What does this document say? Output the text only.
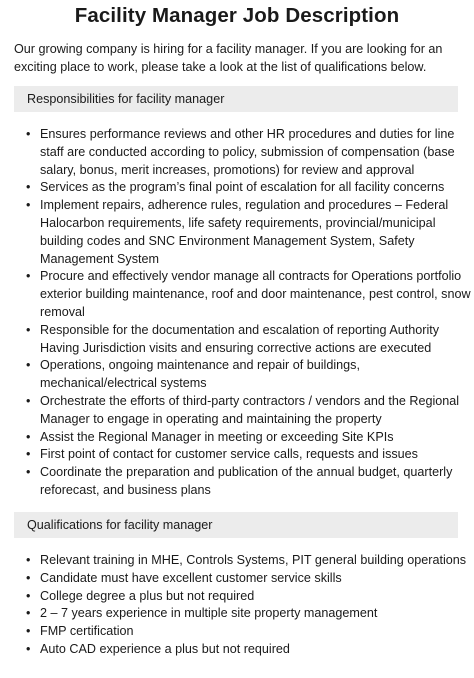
Facility Manager Job Description

Our growing company is hiring for a facility manager. If you are looking for an exciting place to work, please take a look at the list of qualifications below.

Responsibilities for facility manager
• Ensures performance reviews and other HR procedures and duties for line staff are conducted according to policy, submission of compensation (base salary, bonus, merit increases, promotions) for review and approval
• Services as the program’s final point of escalation for all facility concerns
• Implement repairs, adherence rules, regulation and procedures – Federal Halocarbon requirements, life safety requirements, provincial/municipal building codes and SNC Environment Management System, Safety Management System
• Procure and effectively vendor manage all contracts for Operations portfolio exterior building maintenance, roof and door maintenance, pest control, snow removal
• Responsible for the documentation and escalation of reporting Authority Having Jurisdiction visits and ensuring corrective actions are executed
• Operations, ongoing maintenance and repair of buildings, mechanical/electrical systems
• Orchestrate the efforts of third-party contractors / vendors and the Regional Manager to engage in operating and maintaining the property
• Assist the Regional Manager in meeting or exceeding Site KPIs
• First point of contact for customer service calls, requests and issues
• Coordinate the preparation and publication of the annual budget, quarterly reforecast, and business plans
Qualifications for facility manager
• Relevant training in MHE, Controls Systems, PIT general building operations
• Candidate must have excellent customer service skills
• College degree a plus but not required
• 2 – 7 years experience in multiple site property management
• FMP certification
• Auto CAD experience a plus but not required
